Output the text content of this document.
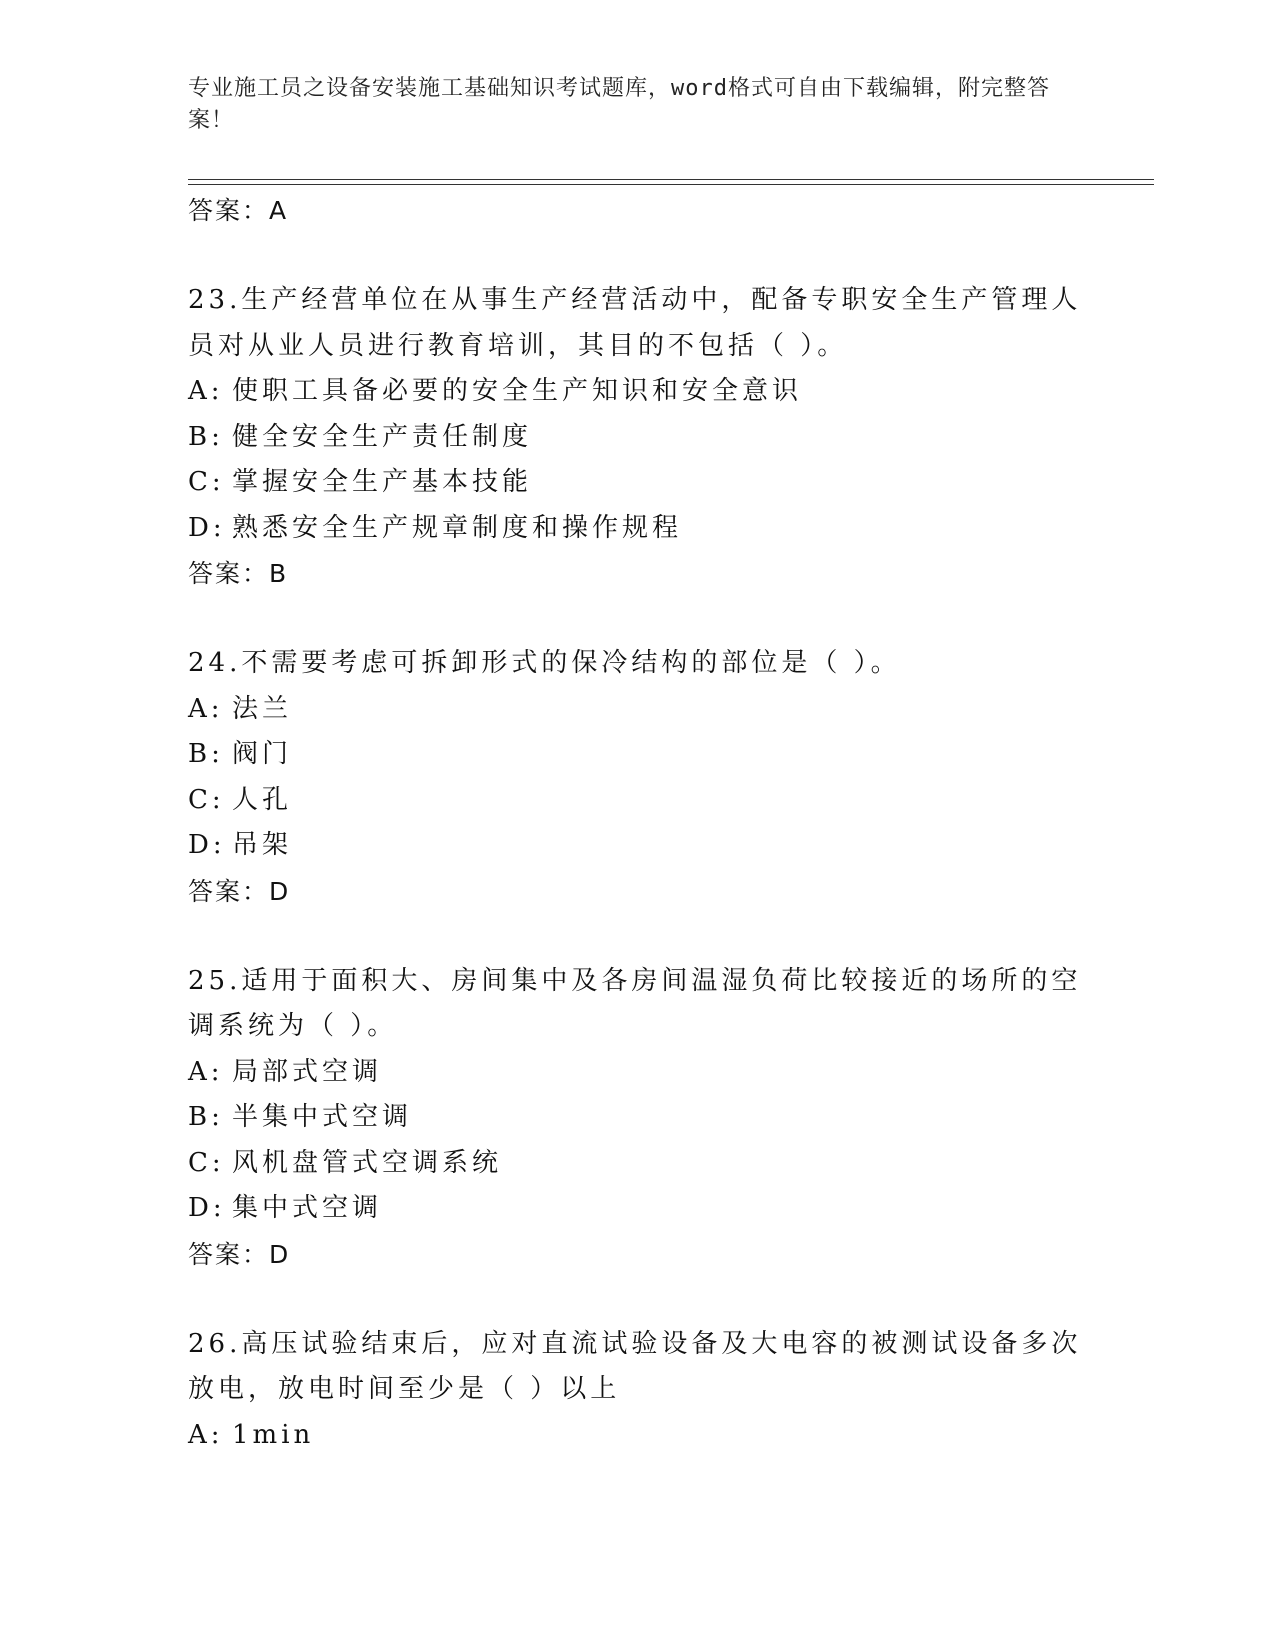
专业施工员之设备安装施工基础知识考试题库，word格式可自由下载编辑，附完整答案！

答案：A

23.生产经营单位在从事生产经营活动中，配备专职安全生产管理人员对从业人员进行教育培训，其目的不包括（ ）。

A: 使职工具备必要的安全生产知识和安全意识
B: 健全安全生产责任制度
C: 掌握安全生产基本技能
D: 熟悉安全生产规章制度和操作规程
答案：B

24.不需要考虑可拆卸形式的保冷结构的部位是（ ）。

A: 法兰
B: 阀门
C: 人孔
D: 吊架
答案：D

25.适用于面积大、房间集中及各房间温湿负荷比较接近的场所的空调系统为（ ）。

A: 局部式空调
B: 半集中式空调
C: 风机盘管式空调系统
D: 集中式空调
答案：D

26.高压试验结束后，应对直流试验设备及大电容的被测试设备多次放电，放电时间至少是（ ）以上

A: 1min
